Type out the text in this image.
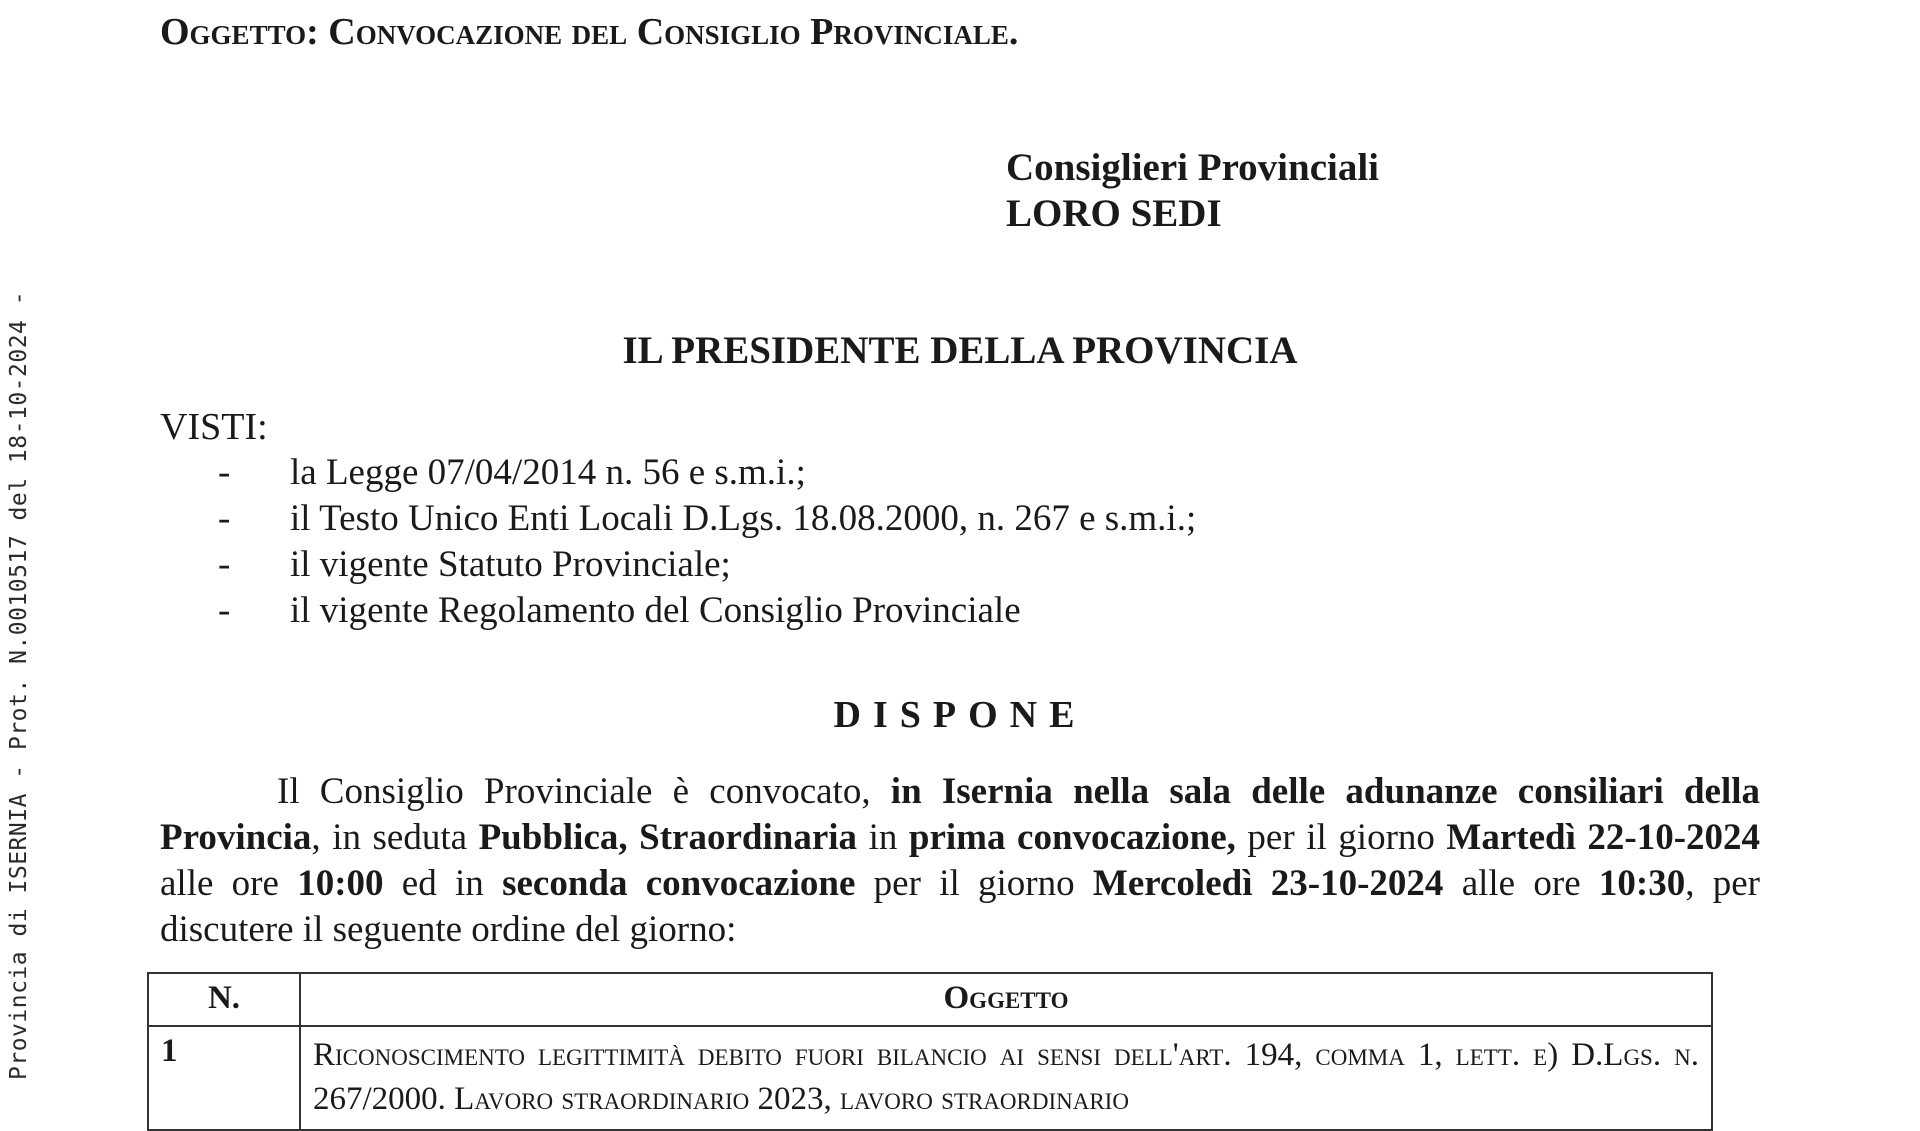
Provincia di ISERNIA - Prot. N.0010517 del 18-10-2024 -
Oggetto: Convocazione del Consiglio Provinciale.
Consiglieri Provinciali
LORO SEDI
IL PRESIDENTE DELLA PROVINCIA
VISTI:
- la Legge 07/04/2014 n. 56 e s.m.i.;
- il Testo Unico Enti Locali D.Lgs. 18.08.2000, n. 267 e s.m.i.;
- il vigente Statuto Provinciale;
- il vigente Regolamento del Consiglio Provinciale
DISPONE

Il Consiglio Provinciale è convocato, in Isernia nella sala delle adunanze consiliari della Provincia, in seduta Pubblica, Straordinaria in prima convocazione, per il giorno Martedì 22-10-2024 alle ore 10:00 ed in seconda convocazione per il giorno Mercoledì 23-10-2024 alle ore 10:30, per discutere il seguente ordine del giorno:

N.	Oggetto
1	Riconoscimento legittimità debito fuori bilancio ai sensi dell'art. 194, comma 1, lett. e) D.Lgs. n. 267/2000. Lavoro straordinario 2023, lavoro straordinario
